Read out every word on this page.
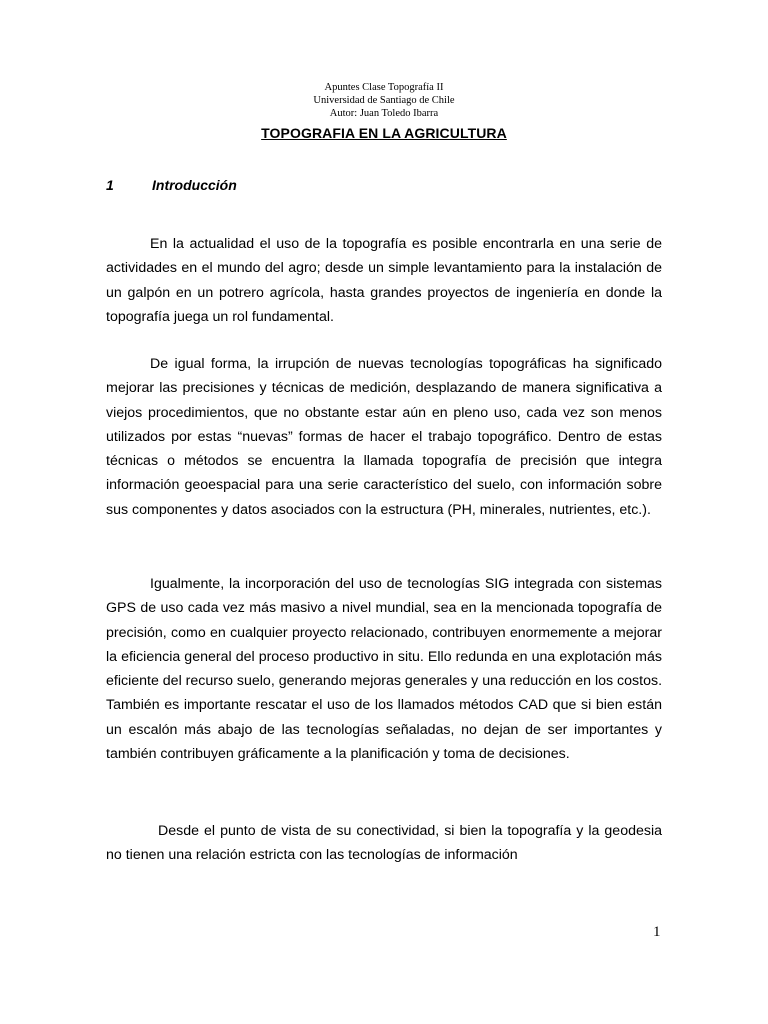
Apuntes Clase Topografía II
Universidad de Santiago de Chile
Autor: Juan Toledo Ibarra
TOPOGRAFIA EN LA AGRICULTURA
1	Introducción

En la actualidad el uso de la topografía es posible encontrarla en una serie de actividades en el mundo del agro; desde un simple levantamiento para la instalación de un galpón en un potrero agrícola, hasta grandes proyectos de ingeniería en donde la topografía juega un rol fundamental.

De igual forma, la irrupción de nuevas tecnologías topográficas ha significado mejorar las precisiones y técnicas de medición, desplazando de manera significativa a viejos procedimientos, que no obstante estar aún en pleno uso, cada vez son menos utilizados por estas “nuevas” formas de hacer el trabajo topográfico. Dentro de estas técnicas o métodos se encuentra la llamada topografía de precisión que integra información geoespacial para una serie característico del suelo, con información sobre sus componentes y datos asociados con la estructura (PH, minerales, nutrientes, etc.).

Igualmente, la incorporación del uso de tecnologías SIG integrada con sistemas GPS de uso cada vez más masivo a nivel mundial, sea en la mencionada topografía de precisión, como en cualquier proyecto relacionado, contribuyen enormemente a mejorar la eficiencia general del proceso productivo in situ. Ello redunda en una explotación más eficiente del recurso suelo, generando mejoras generales y una reducción en los costos. También es importante rescatar el uso de los llamados métodos CAD que si bien están un escalón más abajo de las tecnologías señaladas, no dejan de ser importantes y también contribuyen gráficamente a la planificación y toma de decisiones.

Desde el punto de vista de su conectividad, si bien la topografía y la geodesia no tienen una relación estricta con las tecnologías de información

1
